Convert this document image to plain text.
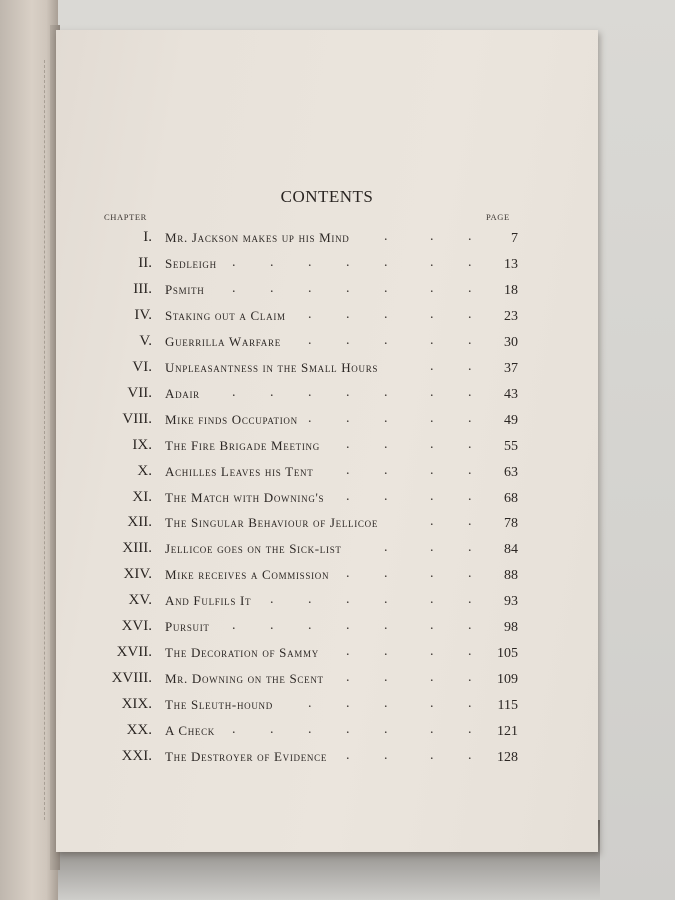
CONTENTS
CHAPTER	PAGE
I. Mr. Jackson makes up his Mind .	. .	7
II. Sedleigh . . . . .	. .	13
III. Psmith . . . . .	. .	18
IV. Staking out a Claim . . .	. .	23
V. Guerrilla Warfare . . .	. .	30
VI. Unpleasantness in the Small Hours	. .	37
VII. Adair . . . . .	. .	43
VIII. Mike finds Occupation . . .	. .	49
IX. The Fire Brigade Meeting . .	. .	55
X. Achilles Leaves his Tent . .	. .	63
XI. The Match with Downing's . .	. .	68
XII. The Singular Behaviour of Jellicoe	. .	78
XIII. Jellicoe goes on the Sick-list	.	. .	84
XIV. Mike receives a Commission . .	. .	88
XV. And Fulfils It . . . .	. .	93
XVI. Pursuit . . . . .	. .	98
XVII. The Decoration of Sammy . .	. .	105
XVIII. Mr. Downing on the Scent . .	. .	109
XIX. The Sleuth-hound	. . .	. .	115
XX. A Check . . . . .	. .	121
XXI. The Destroyer of Evidence . .	. .	128
